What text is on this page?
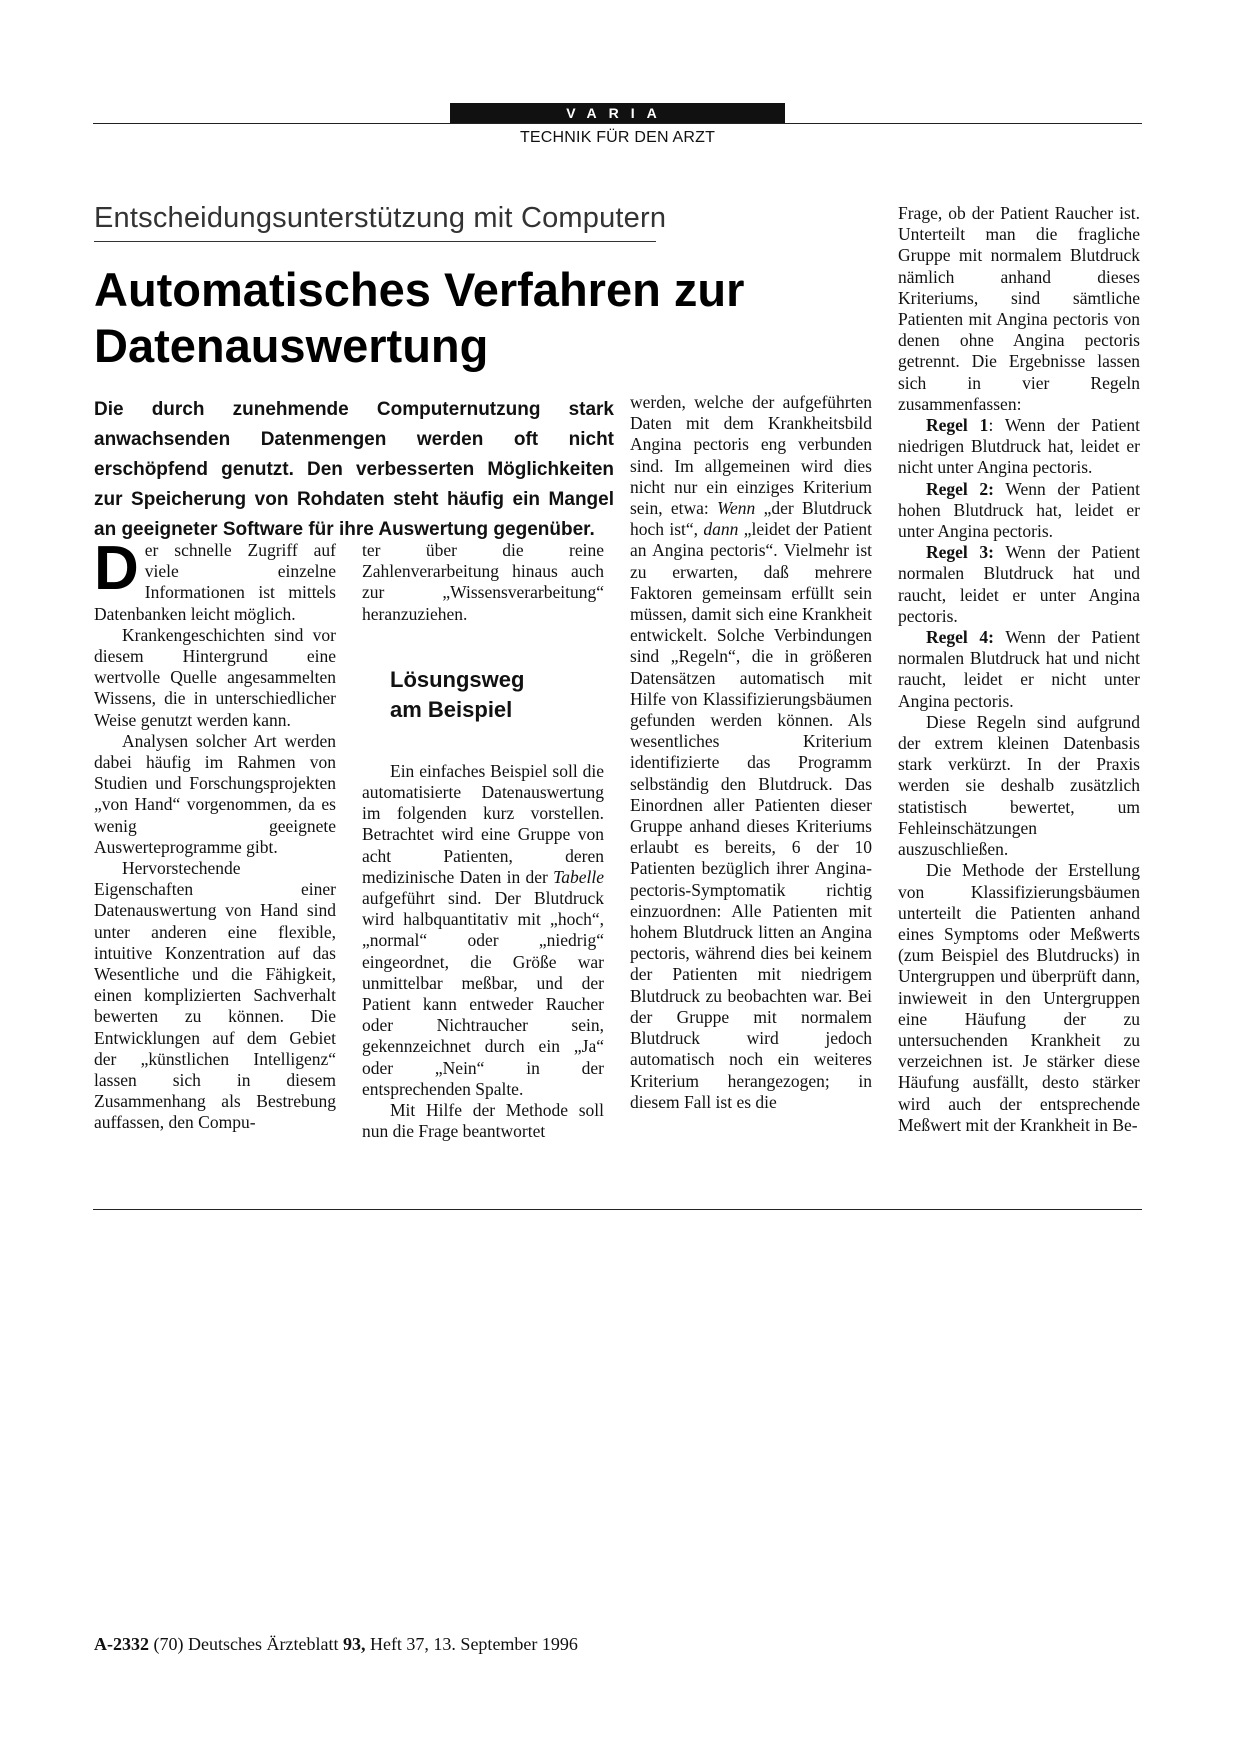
VARIA
TECHNIK FÜR DEN ARZT
Entscheidungsunterstützung mit Computern
Automatisches Verfahren zur
Datenauswertung
Die durch zunehmende Computernutzung stark anwachsenden Datenmengen werden oft nicht erschöpfend genutzt. Den verbesserten Möglichkeiten zur Speicherung von Rohdaten steht häufig ein Mangel an geeigneter Software für ihre Auswertung gegenüber.

Der schnelle Zugriff auf viele einzelne Informationen ist mittels Datenbanken leicht möglich.

Krankengeschichten sind vor diesem Hintergrund eine wertvolle Quelle angesammelten Wissens, die in unterschiedlicher Weise genutzt werden kann.

Analysen solcher Art werden dabei häufig im Rahmen von Studien und Forschungsprojekten „von Hand“ vorgenommen, da es wenig geeignete Auswerteprogramme gibt.

Hervorstechende Eigenschaften einer Datenauswertung von Hand sind unter anderen eine flexible, intuitive Konzentration auf das Wesentliche und die Fähigkeit, einen komplizierten Sachverhalt bewerten zu können. Die Entwicklungen auf dem Gebiet der „künstlichen Intelligenz“ lassen sich in diesem Zusammenhang als Bestrebung auffassen, den Compu-

ter über die reine Zahlenverarbeitung hinaus auch zur „Wissensverarbeitung“ heranzuziehen.

Lösungsweg
am Beispiel

Ein einfaches Beispiel soll die automatisierte Datenauswertung im folgenden kurz vorstellen. Betrachtet wird eine Gruppe von acht Patienten, deren medizinische Daten in der Tabelle aufgeführt sind. Der Blutdruck wird halbquantitativ mit „hoch“, „normal“ oder „niedrig“ eingeordnet, die Größe war unmittelbar meßbar, und der Patient kann entweder Raucher oder Nichtraucher sein, gekennzeichnet durch ein „Ja“ oder „Nein“ in der entsprechenden Spalte.

Mit Hilfe der Methode soll nun die Frage beantwortet

werden, welche der aufgeführten Daten mit dem Krankheitsbild Angina pectoris eng verbunden sind. Im allgemeinen wird dies nicht nur ein einziges Kriterium sein, etwa: Wenn „der Blutdruck hoch ist“, dann „leidet der Patient an Angina pectoris“. Vielmehr ist zu erwarten, daß mehrere Faktoren gemeinsam erfüllt sein müssen, damit sich eine Krankheit entwickelt. Solche Verbindungen sind „Regeln“, die in größeren Datensätzen automatisch mit Hilfe von Klassifizierungsbäumen gefunden werden können. Als wesentliches Kriterium identifizierte das Programm selbständig den Blutdruck. Das Einordnen aller Patienten dieser Gruppe anhand dieses Kriteriums erlaubt es bereits, 6 der 10 Patienten bezüglich ihrer Angina-pectoris-Symptomatik richtig einzuordnen: Alle Patienten mit hohem Blutdruck litten an Angina pectoris, während dies bei keinem der Patienten mit niedrigem Blutdruck zu beobachten war. Bei der Gruppe mit normalem Blutdruck wird jedoch automatisch noch ein weiteres Kriterium herangezogen; in diesem Fall ist es die

Frage, ob der Patient Raucher ist. Unterteilt man die fragliche Gruppe mit normalem Blutdruck nämlich anhand dieses Kriteriums, sind sämtliche Patienten mit Angina pectoris von denen ohne Angina pectoris getrennt. Die Ergebnisse lassen sich in vier Regeln zusammenfassen:

Regel 1: Wenn der Patient niedrigen Blutdruck hat, leidet er nicht unter Angina pectoris.

Regel 2: Wenn der Patient hohen Blutdruck hat, leidet er unter Angina pectoris.

Regel 3: Wenn der Patient normalen Blutdruck hat und raucht, leidet er unter Angina pectoris.

Regel 4: Wenn der Patient normalen Blutdruck hat und nicht raucht, leidet er nicht unter Angina pectoris.

Diese Regeln sind aufgrund der extrem kleinen Datenbasis stark verkürzt. In der Praxis werden sie deshalb zusätzlich statistisch bewertet, um Fehleinschätzungen auszuschließen.

Die Methode der Erstellung von Klassifizierungsbäumen unterteilt die Patienten anhand eines Symptoms oder Meßwerts (zum Beispiel des Blutdrucks) in Untergruppen und überprüft dann, inwieweit in den Untergruppen eine Häufung der zu untersuchenden Krankheit zu verzeichnen ist. Je stärker diese Häufung ausfällt, desto stärker wird auch der entsprechende Meßwert mit der Krankheit in Be-

A-2332 (70) Deutsches Ärzteblatt 93, Heft 37, 13. September 1996
